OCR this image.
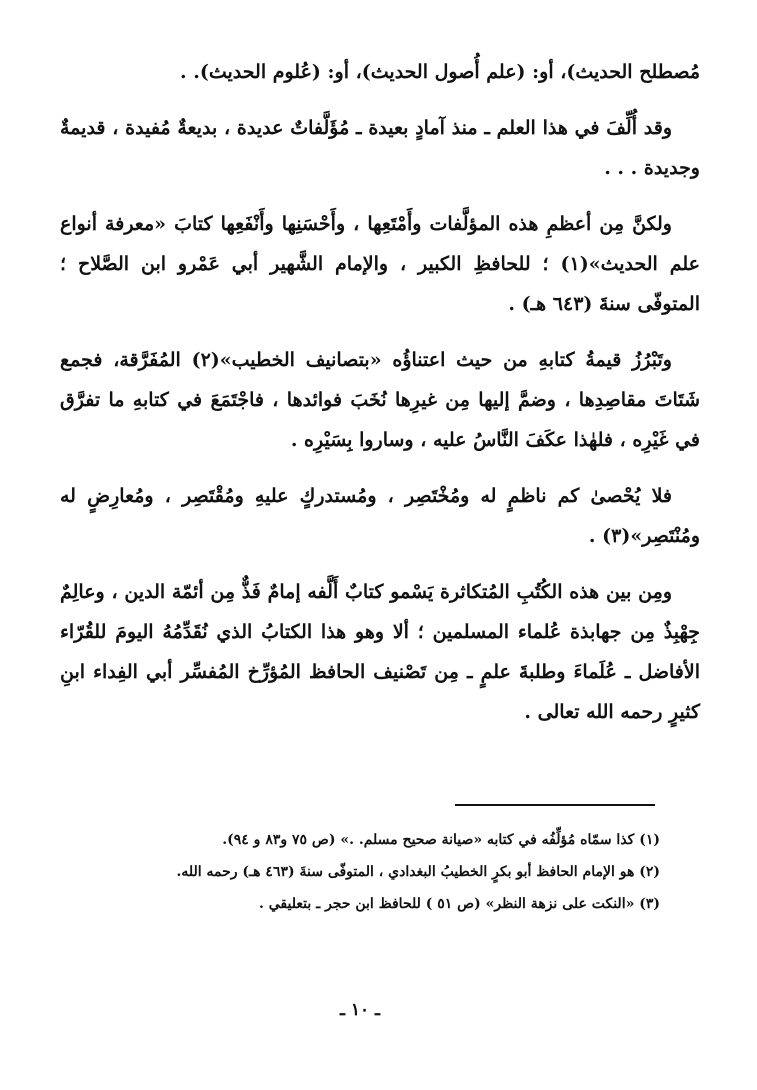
مُصطلح الحديث)، أو: (علم أُصول الحديث)، أو: (عُلوم الحديث). .

وقد أُلِّفَ في هذا العلم ـ منذ آمادٍ بعيدة ـ مُؤَلَّفاتٌ عديدة ، بديعةٌ مُفيدة ، قديمةٌ وجديدة . . .

ولكنَّ مِن أعظمِ هذه المؤلَّفات وأَمْتَعِها ، وأَحْسَنِها وأَنْفَعِها كتابَ «معرفة أنواع علم الحديث»(١) ؛ للحافظِ الكبير ، والإمام الشَّهير أبي عَمْرو ابن الصَّلاح ؛ المتوفّى سنةَ (٦٤٣ هـ) .

وتَبْرُزُ قيمةُ كتابهِ من حيث اعتناؤُه «بتصانيف الخطيب»(٢) المُفَرَّقة، فجمع شَتَاتَ مقاصِدِها ، وضمَّ إليها مِن غيرِها نُخَبَ فوائدها ، فاجْتَمَعَ في كتابهِ ما تفرَّق في غَيْرِه ، فلهٰذا عكَفَ النَّاسُ عليه ، وساروا بِسَيْرِه .

فلا يُحْصىٰ كم ناظمٍ له ومُخْتَصِر ، ومُستدركٍ عليهِ ومُقْتَصِر ، ومُعارِضٍ له ومُنْتَصِر»(٣) .

ومِن بين هذه الكُتُبِ المُتكاثرة يَسْمو كتابٌ أَلَّفه إمامٌ فَذٌّ مِن أئمّة الدين ، وعالِمٌ جِهْبِذٌ مِن جهابذة عُلماء المسلمين ؛ ألا وهو هذا الكتابُ الذي نُقَدِّمُهُ اليومَ للقُرّاء الأفاضل ـ عُلَماءَ وطلبةَ علمٍ ـ مِن تَصْنيف الحافظ المُؤرِّخ المُفسِّر أبي الفِداء ابنِ كثيرٍ رحمه الله تعالى .

(١) كذا سمّاه مُؤلِّفُه في كتابه «صيانة صحيح مسلم. .» (ص ٧٥ و٨٣ و ٩٤).

(٢) هو الإمام الحافظ أبو بكرٍ الخطيبُ البغدادي ، المتوفّى سنةَ (٤٦٣ هـ) رحمه الله.

(٣) «النكت على نزهة النظر» (ص ٥١ ) للحافظ ابن حجر ـ بتعليقي .

ـ ١٠ ـ
